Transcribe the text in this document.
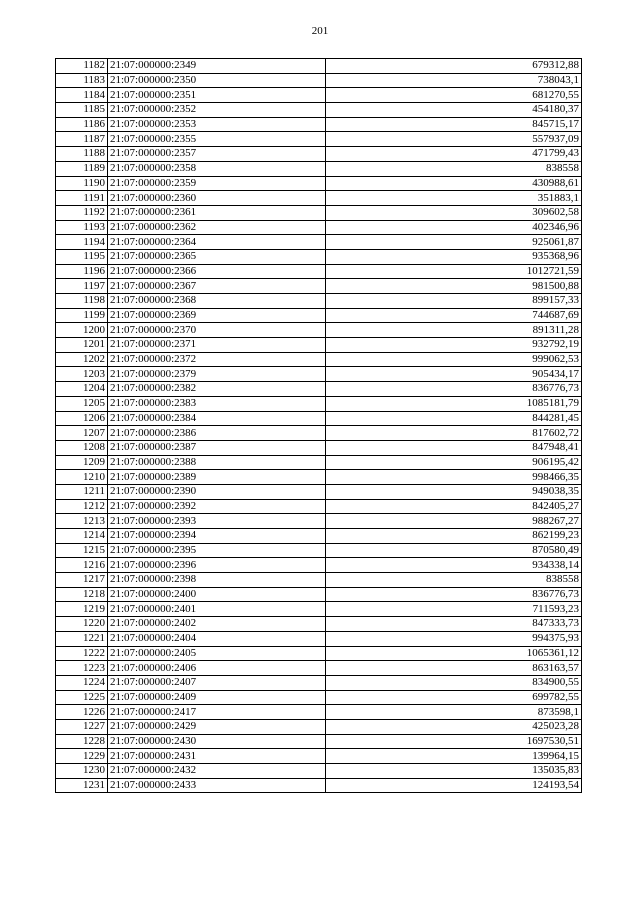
201
1182	21:07:000000:2349	679312,88
1183	21:07:000000:2350	738043,1
1184	21:07:000000:2351	681270,55
1185	21:07:000000:2352	454180,37
1186	21:07:000000:2353	845715,17
1187	21:07:000000:2355	557937,09
1188	21:07:000000:2357	471799,43
1189	21:07:000000:2358	838558
1190	21:07:000000:2359	430988,61
1191	21:07:000000:2360	351883,1
1192	21:07:000000:2361	309602,58
1193	21:07:000000:2362	402346,96
1194	21:07:000000:2364	925061,87
1195	21:07:000000:2365	935368,96
1196	21:07:000000:2366	1012721,59
1197	21:07:000000:2367	981500,88
1198	21:07:000000:2368	899157,33
1199	21:07:000000:2369	744687,69
1200	21:07:000000:2370	891311,28
1201	21:07:000000:2371	932792,19
1202	21:07:000000:2372	999062,53
1203	21:07:000000:2379	905434,17
1204	21:07:000000:2382	836776,73
1205	21:07:000000:2383	1085181,79
1206	21:07:000000:2384	844281,45
1207	21:07:000000:2386	817602,72
1208	21:07:000000:2387	847948,41
1209	21:07:000000:2388	906195,42
1210	21:07:000000:2389	998466,35
1211	21:07:000000:2390	949038,35
1212	21:07:000000:2392	842405,27
1213	21:07:000000:2393	988267,27
1214	21:07:000000:2394	862199,23
1215	21:07:000000:2395	870580,49
1216	21:07:000000:2396	934338,14
1217	21:07:000000:2398	838558
1218	21:07:000000:2400	836776,73
1219	21:07:000000:2401	711593,23
1220	21:07:000000:2402	847333,73
1221	21:07:000000:2404	994375,93
1222	21:07:000000:2405	1065361,12
1223	21:07:000000:2406	863163,57
1224	21:07:000000:2407	834900,55
1225	21:07:000000:2409	699782,55
1226	21:07:000000:2417	873598,1
1227	21:07:000000:2429	425023,28
1228	21:07:000000:2430	1697530,51
1229	21:07:000000:2431	139964,15
1230	21:07:000000:2432	135035,83
1231	21:07:000000:2433	124193,54
